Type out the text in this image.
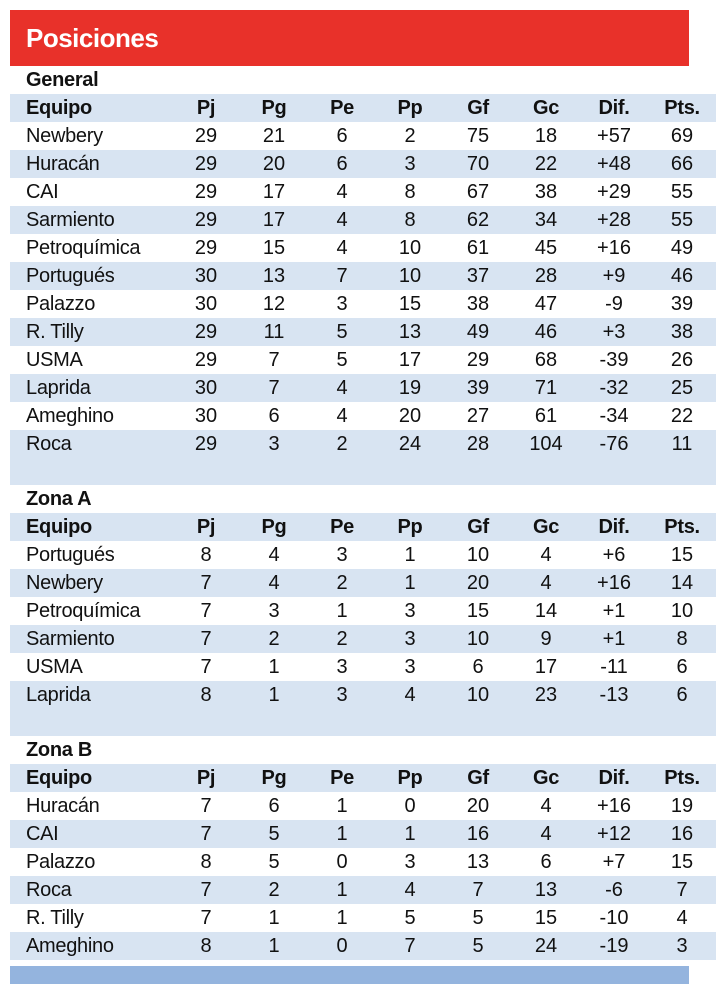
Posiciones
General								
Equipo	Pj	Pg	Pe	Pp	Gf	Gc	Dif.	Pts.
Newbery	29	21	6	2	75	18	+57	69
Huracán	29	20	6	3	70	22	+48	66
CAI	29	17	4	8	67	38	+29	55
Sarmiento	29	17	4	8	62	34	+28	55
Petroquímica	29	15	4	10	61	45	+16	49
Portugués	30	13	7	10	37	28	+9	46
Palazzo	30	12	3	15	38	47	-9	39
R. Tilly	29	11	5	13	49	46	+3	38
USMA	29	7	5	17	29	68	-39	26
Laprida	30	7	4	19	39	71	-32	25
Ameghino	30	6	4	20	27	61	-34	22
Roca	29	3	2	24	28	104	-76	11

Zona A								
Equipo	Pj	Pg	Pe	Pp	Gf	Gc	Dif.	Pts.
Portugués	8	4	3	1	10	4	+6	15
Newbery	7	4	2	1	20	4	+16	14
Petroquímica	7	3	1	3	15	14	+1	10
Sarmiento	7	2	2	3	10	9	+1	8
USMA	7	1	3	3	6	17	-11	6
Laprida	8	1	3	4	10	23	-13	6

Zona B								
Equipo	Pj	Pg	Pe	Pp	Gf	Gc	Dif.	Pts.
Huracán	7	6	1	0	20	4	+16	19
CAI	7	5	1	1	16	4	+12	16
Palazzo	8	5	0	3	13	6	+7	15
Roca	7	2	1	4	7	13	-6	7
R. Tilly	7	1	1	5	5	15	-10	4
Ameghino	8	1	0	7	5	24	-19	3
